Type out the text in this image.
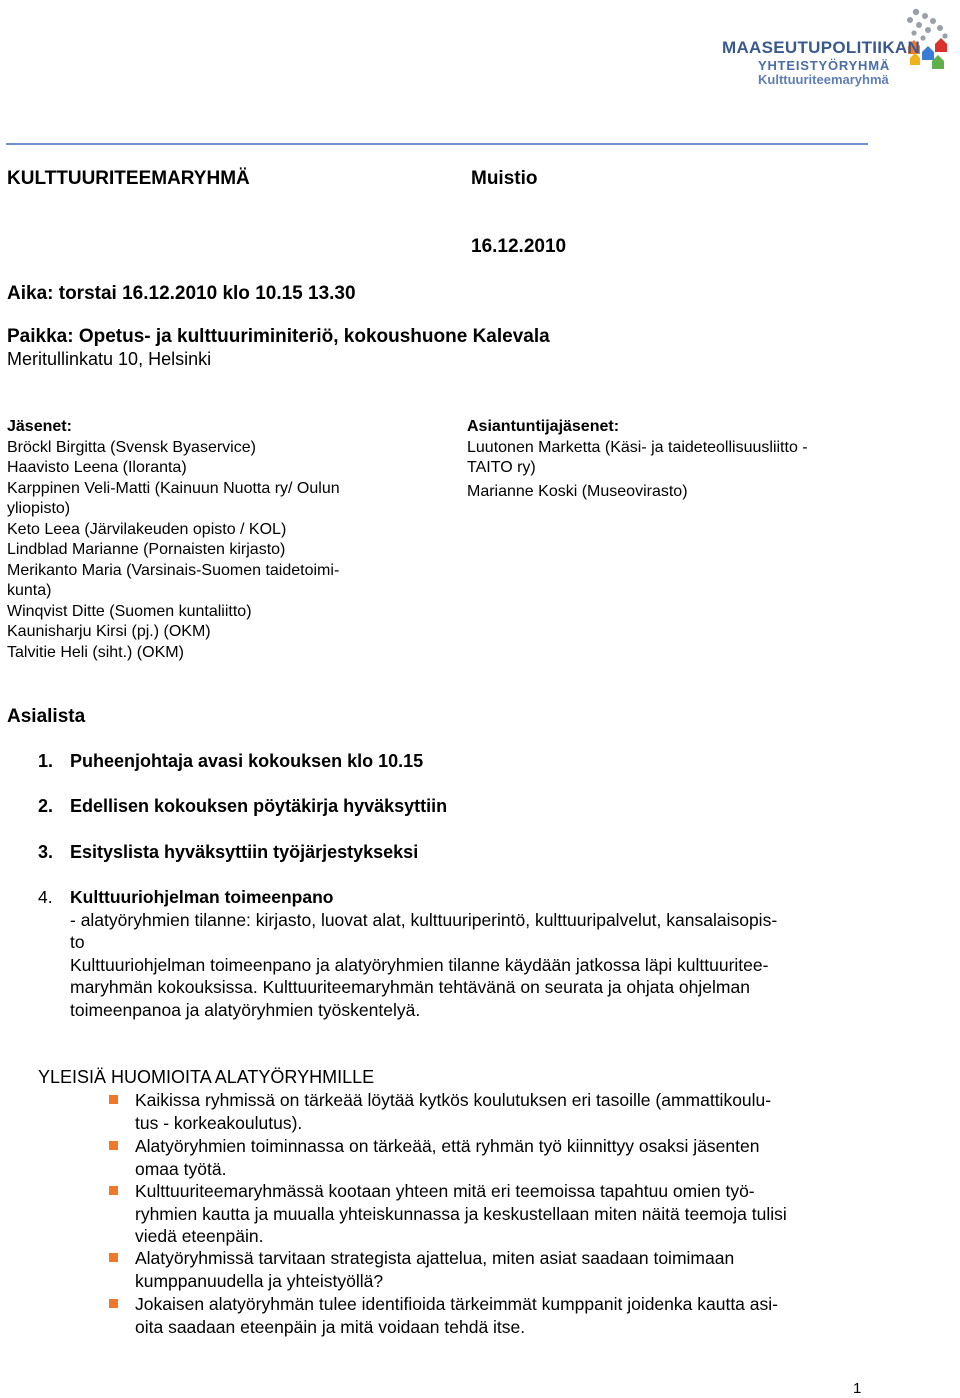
MAASEUTUPOLITIIKAN
YHTEISTYÖRYHMÄ
Kulttuuriteemaryhmä
KULTTUURITEEMARYHMÄ	Muistio
16.12.2010
Aika: torstai 16.12.2010 klo 10.15 13.30
Paikka: Opetus- ja kulttuuriminiteriö, kokoushuone Kalevala
Meritullinkatu 10, Helsinki
Jäsenet:
Bröckl Birgitta (Svensk Byaservice)
Haavisto Leena (Iloranta)
Karppinen Veli-Matti (Kainuun Nuotta ry/ Oulun
yliopisto)
Keto Leea (Järvilakeuden opisto / KOL)
Lindblad Marianne (Pornaisten kirjasto)
Merikanto Maria (Varsinais-Suomen taidetoimi-
kunta)
Winqvist Ditte (Suomen kuntaliitto)
Kaunisharju Kirsi (pj.) (OKM)
Talvitie Heli (siht.) (OKM)
Asiantuntijajäsenet:
Luutonen Marketta (Käsi- ja taideteollisuusliitto -
TAITO ry)
Marianne Koski (Museovirasto)
Asialista
1. Puheenjohtaja avasi kokouksen klo 10.15
2. Edellisen kokouksen pöytäkirja hyväksyttiin
3. Esityslista hyväksyttiin työjärjestykseksi
4. Kulttuuriohjelman toimeenpano
- alatyöryhmien tilanne: kirjasto, luovat alat, kulttuuriperintö, kulttuuripalvelut, kansalaisopis-
to
Kulttuuriohjelman toimeenpano ja alatyöryhmien tilanne käydään jatkossa läpi kulttuuritee-
maryhmän kokouksissa. Kulttuuriteemaryhmän tehtävänä on seurata ja ohjata ohjelman
toimeenpanoa ja alatyöryhmien työskentelyä.
YLEISIÄ HUOMIOITA ALATYÖRYHMILLE
Kaikissa ryhmissä on tärkeää löytää kytkös koulutuksen eri tasoille (ammattikoulu-
tus - korkeakoulutus).
Alatyöryhmien toiminnassa on tärkeää, että ryhmän työ kiinnittyy osaksi jäsenten
omaa työtä.
Kulttuuriteemaryhmässä kootaan yhteen mitä eri teemoissa tapahtuu omien työ-
ryhmien kautta ja muualla yhteiskunnassa ja keskustellaan miten näitä teemoja tulisi
viedä eteenpäin.
Alatyöryhmissä tarvitaan strategista ajattelua, miten asiat saadaan toimimaan
kumppanuudella ja yhteistyöllä?
Jokaisen alatyöryhmän tulee identifioida tärkeimmät kumppanit joidenka kautta asi-
oita saadaan eteenpäin ja mitä voidaan tehdä itse.
1
